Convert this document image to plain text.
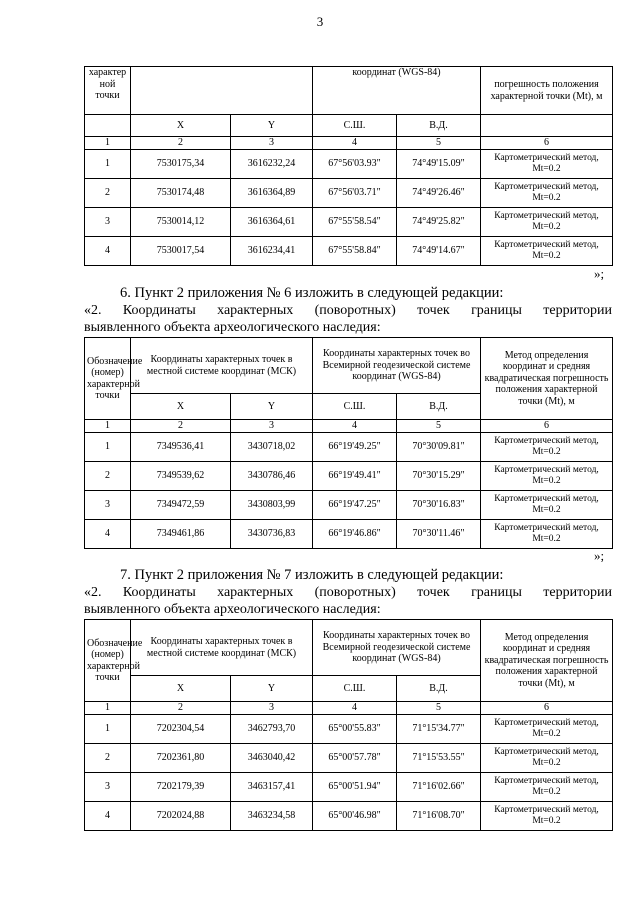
3
характер ной точки			координат (WGS-84)		погрешность положения характерной точки (Mt), м
	X	Y	С.Ш.	В.Д.	
1	2	3	4	5	6
1	7530175,34	3616232,24	67°56'03.93"	74°49'15.09"	Картометрический метод, Mt=0.2
2	7530174,48	3616364,89	67°56'03.71"	74°49'26.46"	Картометрический метод, Mt=0.2
3	7530014,12	3616364,61	67°55'58.54"	74°49'25.82"	Картометрический метод, Mt=0.2
4	7530017,54	3616234,41	67°55'58.84"	74°49'14.67"	Картометрический метод, Mt=0.2
»;
6. Пункт 2 приложения № 6 изложить в следующей редакции:
«2. Координаты характерных (поворотных) точек границы территории
выявленного объекта археологического наследия:
Обозначение (номер) характерной точки	Координаты характерных точек в местной системе координат (МСК)		Координаты характерных точек во Всемирной геодезической системе координат (WGS-84)		Метод определения координат и средняя квадратическая погрешность положения характерной точки (Mt), м
	X	Y	С.Ш.	В.Д.	
1	2	3	4	5	6
1	7349536,41	3430718,02	66°19'49.25"	70°30'09.81"	Картометрический метод, Mt=0.2
2	7349539,62	3430786,46	66°19'49.41"	70°30'15.29"	Картометрический метод, Mt=0.2
3	7349472,59	3430803,99	66°19'47.25"	70°30'16.83"	Картометрический метод, Mt=0.2
4	7349461,86	3430736,83	66°19'46.86"	70°30'11.46"	Картометрический метод, Mt=0.2
»;
7. Пункт 2 приложения № 7 изложить в следующей редакции:
«2. Координаты характерных (поворотных) точек границы территории
выявленного объекта археологического наследия:
Обозначение (номер) характерной точки	Координаты характерных точек в местной системе координат (МСК)		Координаты характерных точек во Всемирной геодезической системе координат (WGS-84)		Метод определения координат и средняя квадратическая погрешность положения характерной точки (Mt), м
	X	Y	С.Ш.	В.Д.	
1	2	3	4	5	6
1	7202304,54	3462793,70	65°00'55.83"	71°15'34.77"	Картометрический метод, Mt=0.2
2	7202361,80	3463040,42	65°00'57.78"	71°15'53.55"	Картометрический метод, Mt=0.2
3	7202179,39	3463157,41	65°00'51.94"	71°16'02.66"	Картометрический метод, Mt=0.2
4	7202024,88	3463234,58	65°00'46.98"	71°16'08.70"	Картометрический метод, Mt=0.2
